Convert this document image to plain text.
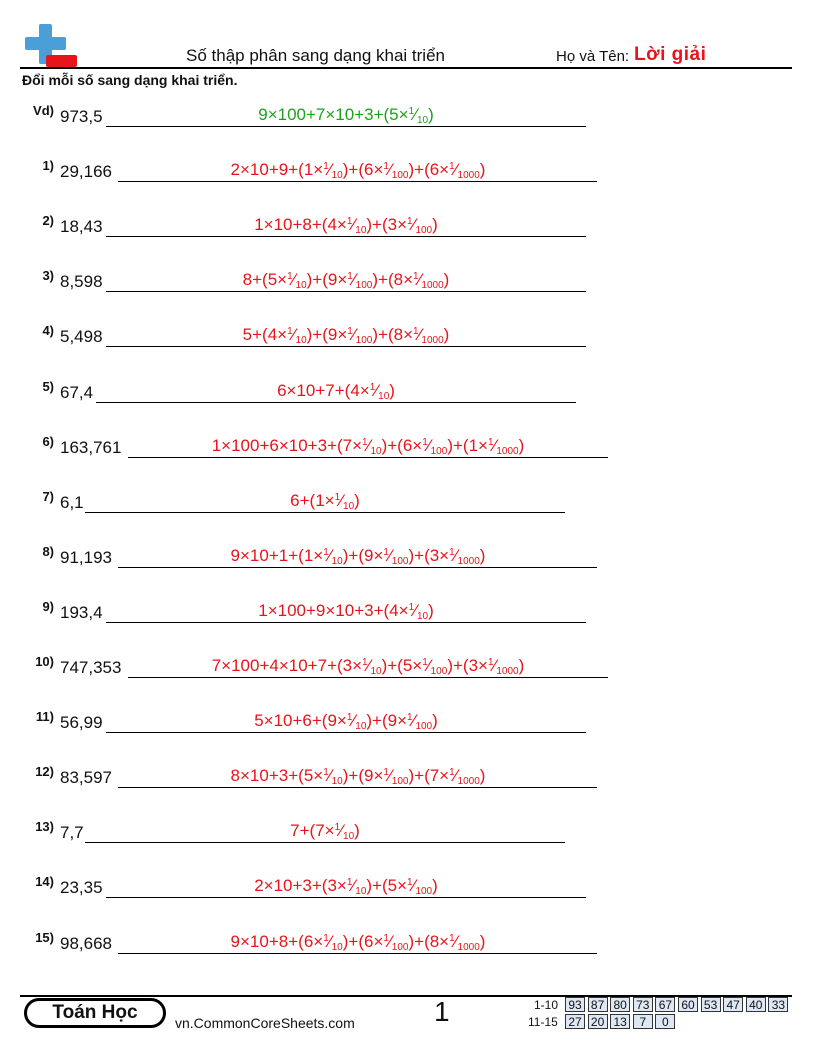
Số thập phân sang dạng khai triển	Họ và Tên: Lời giải
Đổi mỗi số sang dạng khai triển.
Vd) 973,5	$9\times 100+7\times 10+3+(5\times^1⁄_{10})$
1) 29,166	$2\times 10+9+(1\times^1⁄_{10})+(6\times^1⁄_{100})+(6\times^1⁄_{1000})$
2) 18,43	$1\times 10+8+(4\times^1⁄_{10})+(3\times^1⁄_{100})$
3) 8,598	$8+(5\times^1⁄_{10})+(9\times^1⁄_{100})+(8\times^1⁄_{1000})$
4) 5,498	$5+(4\times^1⁄_{10})+(9\times^1⁄_{100})+(8\times^1⁄_{1000})$
5) 67,4	$6\times 10+7+(4\times^1⁄_{10})$
6) 163,761	$1\times 100+6\times 10+3+(7\times^1⁄_{10})+(6\times^1⁄_{100})+(1\times^1⁄_{1000})$
7) 6,1	$6+(1\times^1⁄_{10})$
8) 91,193	$9\times 10+1+(1\times^1⁄_{10})+(9\times^1⁄_{100})+(3\times^1⁄_{1000})$
9) 193,4	$1\times 100+9\times 10+3+(4\times^1⁄_{10})$
10) 747,353	$7\times 100+4\times 10+7+(3\times^1⁄_{10})+(5\times^1⁄_{100})+(3\times^1⁄_{1000})$
11) 56,99	$5\times 10+6+(9\times^1⁄_{10})+(9\times^1⁄_{100})$
12) 83,597	$8\times 10+3+(5\times^1⁄_{10})+(9\times^1⁄_{100})+(7\times^1⁄_{1000})$
13) 7,7	$7+(7\times^1⁄_{10})$
14) 23,35	$2\times 10+3+(3\times^1⁄_{10})+(5\times^1⁄_{100})$
15) 98,668	$9\times 10+8+(6\times^1⁄_{10})+(6\times^1⁄_{100})+(8\times^1⁄_{1000})$
Toán Học	vn.CommonCoreSheets.com	1	1-10 93 87 80 73 67 60 53 47 40 33
11-15 27 20 13	7	0
